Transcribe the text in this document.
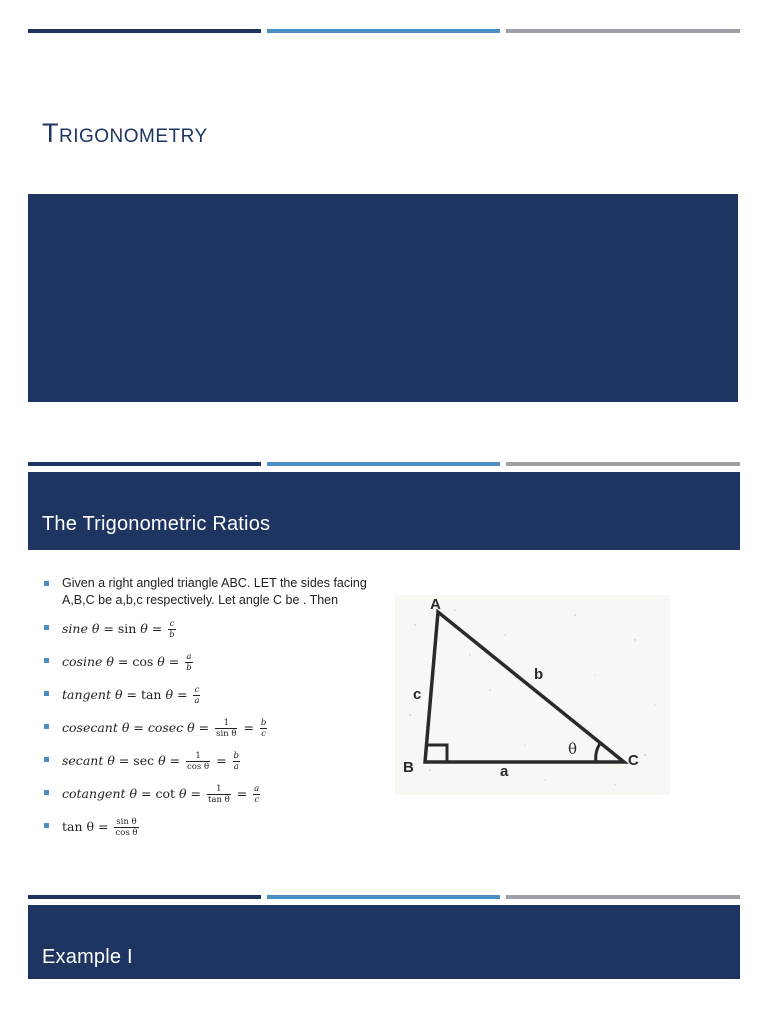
Trigonometry
The Trigonometric Ratios
Given a right angled triangle ABC. LET the sides facing A,B,C be a,b,c respectively. Let angle C be . Then
sine $\theta = \sin \theta = \frac{c}{b}$
cosine $\theta = \cos \theta = \frac{a}{b}$
tangent $\theta = \tan \theta = \frac{c}{a}$
cosecant θ = cosec $\theta = \frac{1}{\text{sin θ}} = \frac{b}{c}$
secant $\theta = \sec \theta = \frac{1}{\text{cos θ}} = \frac{b}{a}$
cotangent $\theta = \cot \theta = \frac{1}{\text{tan θ}} = \frac{a}{c}$
$\tan \theta = \frac{\text{sin θ}}{\text{cos θ}}$
A
B	C
c
b
a
θ
Example I
